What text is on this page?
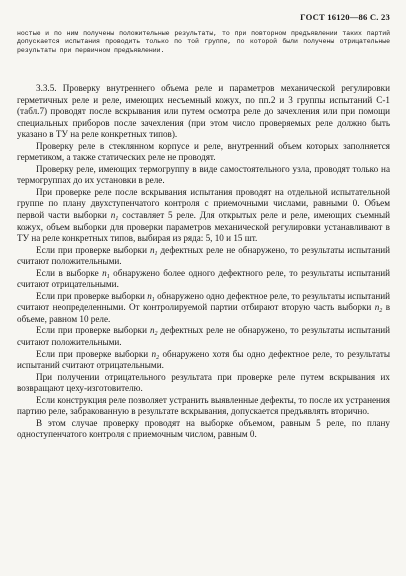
ГОСТ 16120—86 С. 23

ностью и по ним получены положительные результаты, то при повторном предъявлении таких партий допускается испытания проводить только по той группе, по которой были получены отрицательные результаты при первичном предъявлении.

3.3.5. Проверку внутреннего объема реле и параметров механической регулировки герметичных реле и реле, имеющих несъемный кожух, по пп.2 и 3 группы испытаний С-1 (табл.7) проводят после вскрывания или путем осмотра реле до зачехления или при помощи специальных приборов после зачехления (при этом число проверяемых реле должно быть указано в ТУ на реле конкретных типов).

Проверку реле в стеклянном корпусе и реле, внутренний объем которых заполняется герметиком, а также статических реле не проводят.

Проверку реле, имеющих термогруппу в виде самостоятельного узла, проводят только на термогруппах до их установки в реле.

При проверке реле после вскрывания испытания проводят на отдельной испытательной группе по плану двухступенчатого контроля с приемочными числами, равными 0. Объем первой части выборки $n_1$ составляет 5 реле. Для открытых реле и реле, имеющих съемный кожух, объем выборки для проверки параметров механической регулировки устанавливают в ТУ на реле конкретных типов, выбирая из ряда: 5, 10 и 15 шт.

Если при проверке выборки $n_1$ дефектных реле не обнаружено, то результаты испытаний считают положительными.

Если в выборке $n_1$ обнаружено более одного дефектного реле, то результаты испытаний считают отрицательными.

Если при проверке выборки $n_1$ обнаружено одно дефектное реле, то результаты испытаний считают неопределенными. От контролируемой партии отбирают вторую часть выборки $n_2$ в объеме, равном 10 реле.

Если при проверке выборки $n_2$ дефектных реле не обнаружено, то результаты испытаний считают положительными.

Если при проверке выборки $n_2$ обнаружено хотя бы одно дефектное реле, то результаты испытаний считают отрицательными.

При получении отрицательного результата при проверке реле путем вскрывания их возвращают цеху-изготовителю.

Если конструкция реле позволяет устранить выявленные дефекты, то после их устранения партию реле, забракованную в результате вскрывания, допускается предъявлять вторично.

В этом случае проверку проводят на выборке объемом, равным 5 реле, по плану одноступенчатого контроля с приемочным числом, равным 0.
